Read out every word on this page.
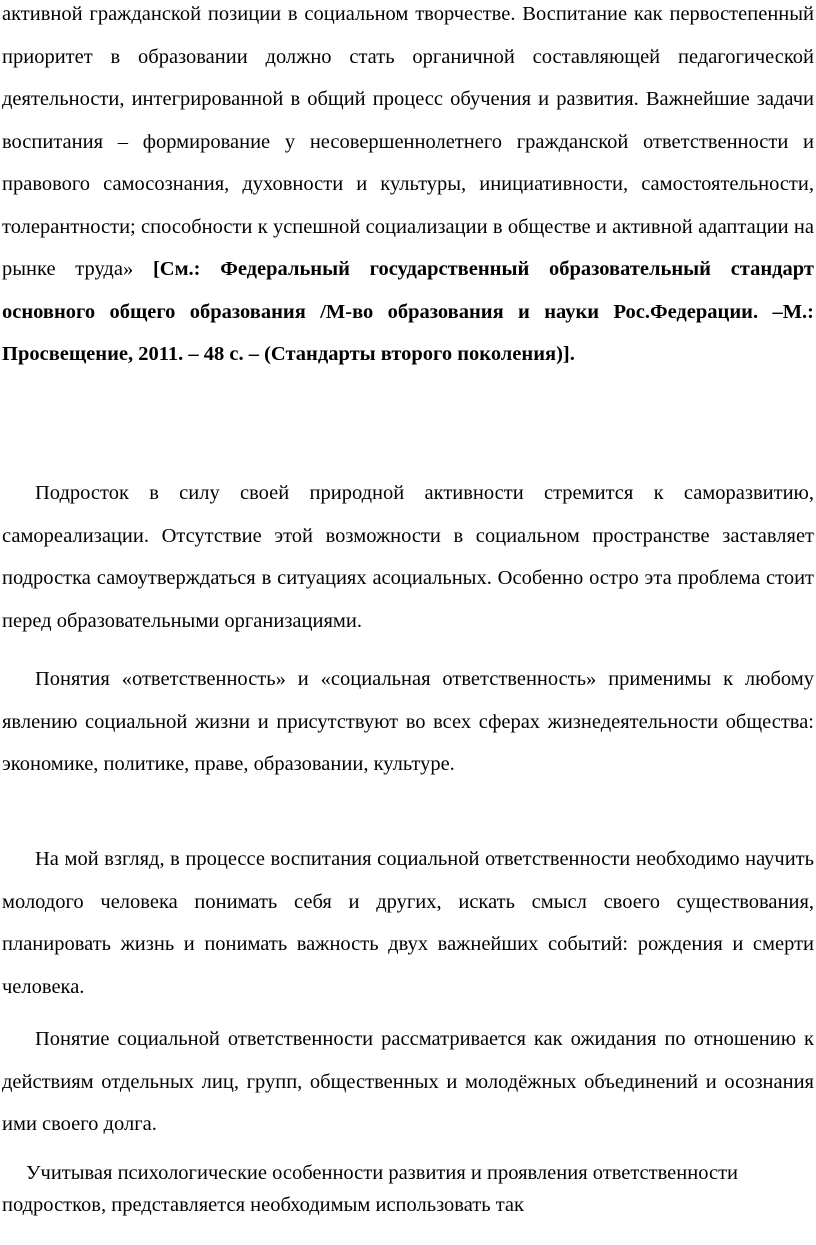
активной гражданской позиции в социальном творчестве. Воспитание как первостепенный приоритет в образовании должно стать органичной составляющей педагогической деятельности, интегрированной в общий процесс обучения и развития. Важнейшие задачи воспитания – формирование у несовершеннолетнего гражданской ответственности и правового самосознания, духовности и культуры, инициативности, самостоятельности, толерантности; способности к успешной социализации в обществе и активной адаптации на рынке труда» [См.: Федеральный государственный образовательный стандарт основного общего образования /М-во образования и науки Рос.Федерации. –М.: Просвещение, 2011. – 48 с. – (Стандарты второго поколения)].

Подросток в силу своей природной активности стремится к саморазвитию, самореализации. Отсутствие этой возможности в социальном пространстве заставляет подростка самоутверждаться в ситуациях асоциальных. Особенно остро эта проблема стоит перед образовательными организациями.

Понятия «ответственность» и «социальная ответственность» применимы к любому явлению социальной жизни и присутствуют во всех сферах жизнедеятельности общества: экономике, политике, праве, образовании, культуре.

На мой взгляд, в процессе воспитания социальной ответственности необходимо научить молодого человека понимать себя и других, искать смысл своего существования, планировать жизнь и понимать важность двух важнейших событий: рождения и смерти человека.

Понятие социальной ответственности рассматривается как ожидания по отношению к действиям отдельных лиц, групп, общественных и молодёжных объединений и осознания ими своего долга.

Учитывая психологические особенности развития и проявления ответственности подростков, представляется необходимым использовать так
